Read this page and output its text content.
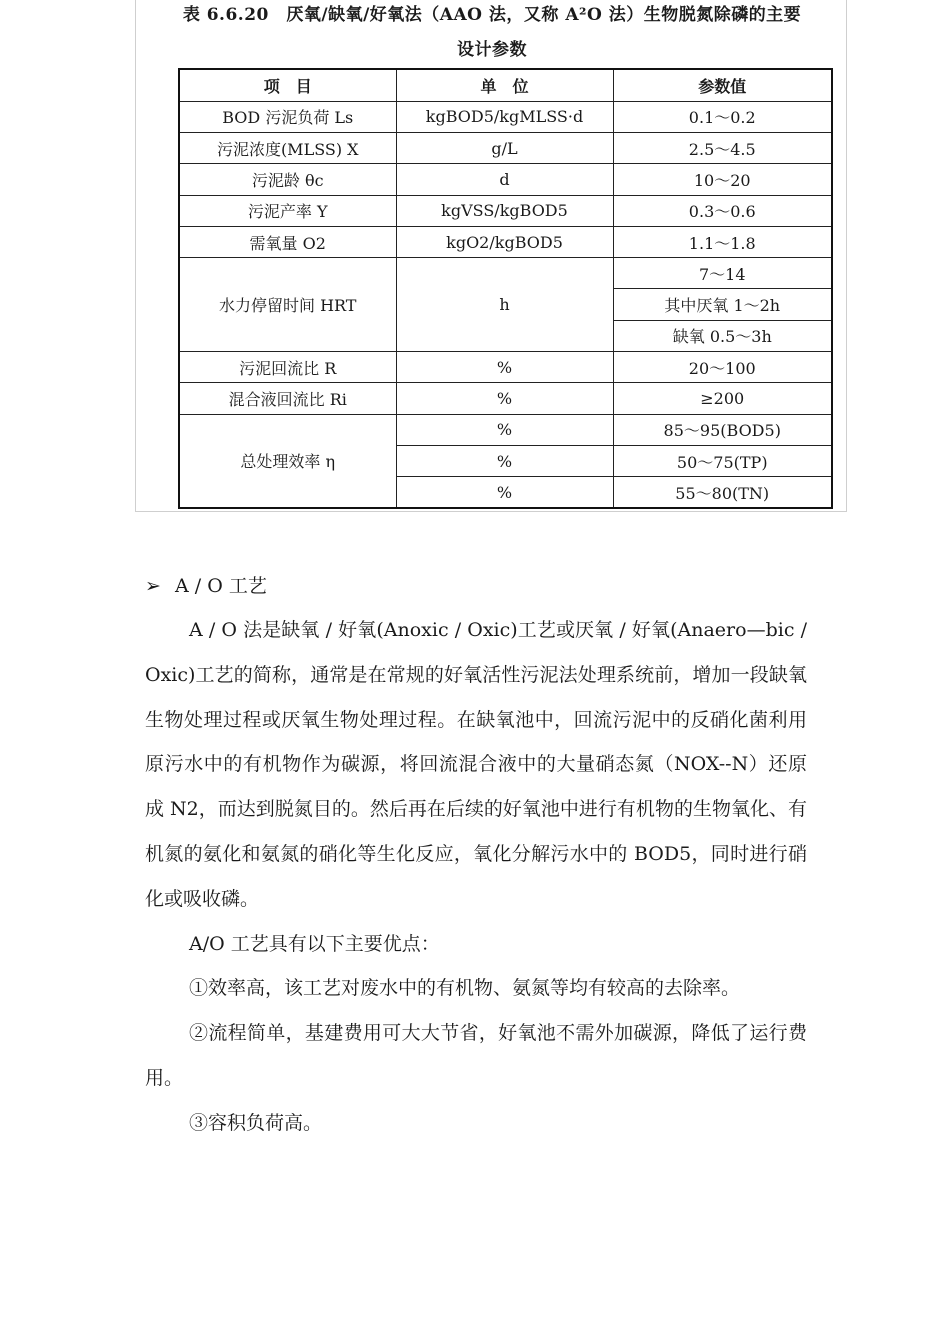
表 6.6.20　厌氧/缺氧/好氧法（AAO 法，又称 A²O 法）生物脱氮除磷的主要
设计参数
项　目	单　位	参数值
BOD 污泥负荷 Ls	kgBOD5/kgMLSS·d	0.1～0.2
污泥浓度(MLSS) X	g/L	2.5～4.5
污泥龄 θc	d	10～20
污泥产率 Y	kgVSS/kgBOD5	0.3～0.6
需氧量 O2	kgO2/kgBOD5	1.1～1.8
水力停留时间 HRT	h	7～14
		其中厌氧 1～2h
		缺氧 0.5～3h
污泥回流比 R	%	20～100
混合液回流比 Ri	%	≥200
总处理效率 η	%	85～95(BOD5)
	%	50～75(TP)
	%	55～80(TN)
➢ A / O 工艺

A / O 法是缺氧 / 好氧(Anoxic / Oxic)工艺或厌氧 / 好氧(Anaero—bic / Oxic)工艺的简称，通常是在常规的好氧活性污泥法处理系统前，增加一段缺氧生物处理过程或厌氧生物处理过程。在缺氧池中，回流污泥中的反硝化菌利用原污水中的有机物作为碳源，将回流混合液中的大量硝态氮（NOX--N）还原成 N2，而达到脱氮目的。然后再在后续的好氧池中进行有机物的生物氧化、有机氮的氨化和氨氮的硝化等生化反应，氧化分解污水中的 BOD5，同时进行硝化或吸收磷。

A/O 工艺具有以下主要优点：

①效率高，该工艺对废水中的有机物、氨氮等均有较高的去除率。

②流程简单，基建费用可大大节省，好氧池不需外加碳源，降低了运行费用。

③容积负荷高。
